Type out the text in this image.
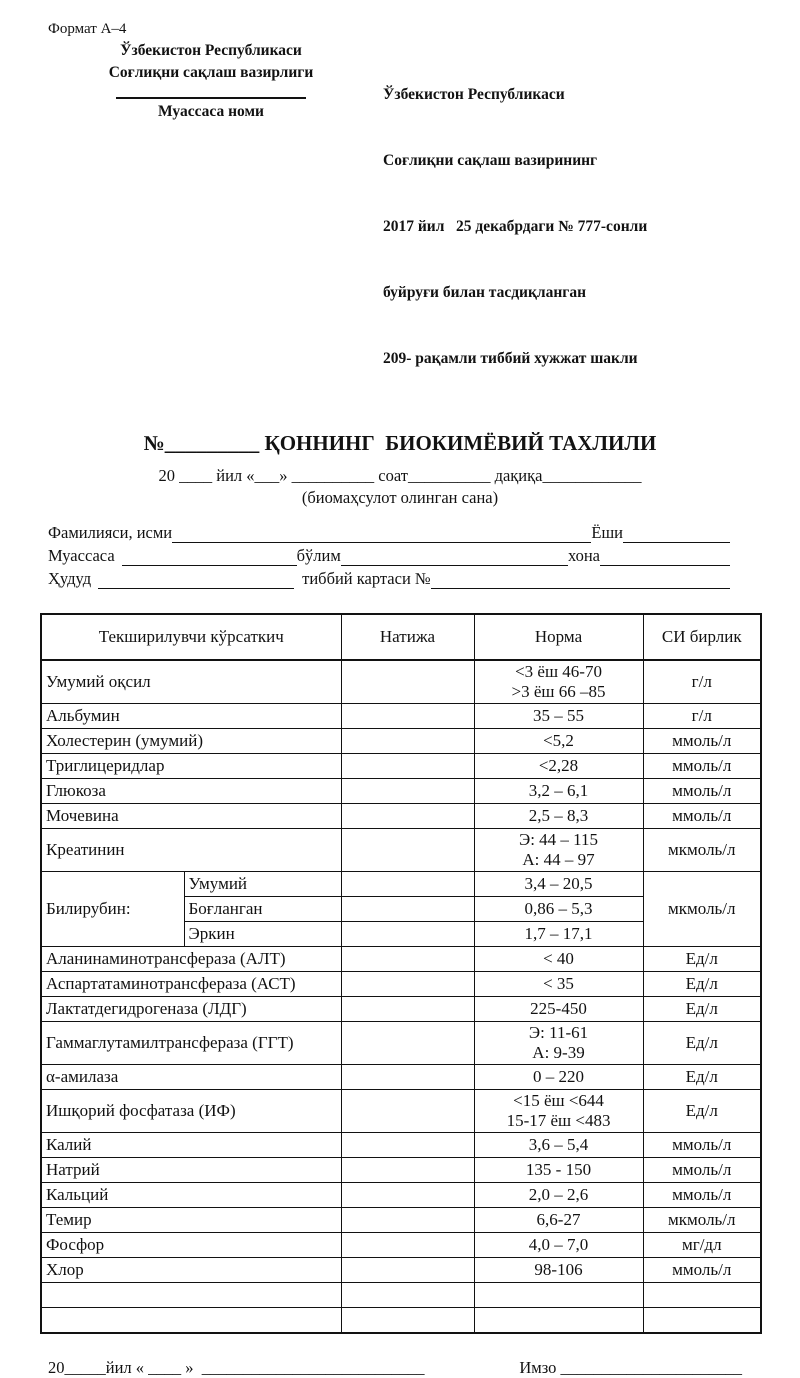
Формат А–4
Ўзбекистон Республикаси
Соғлиқни сақлаш вазирлиги
Муассаса номи

Ўзбекистон Республикаси

Соғлиқни сақлаш вазирининг

2017 йил   25 декабрдаги № 777-сонли

буйруғи билан тасдиқланган

209- рақамли тиббий хужжат шакли

№_________ ҚОННИНГ  БИОКИМЁВИЙ ТАХЛИЛИ
20 ____ йил «___» __________ соат__________ дақиқа____________
(биомаҳсулот олинган сана)
Фамилияси, исми	Ёши
Муассаса	бўлим	хона
Ҳудуд	тиббий картаси №
Текширилувчи кўрсаткич		Натижа	Норма	СИ бирлик
Умумий оқсил			<3 ёш 46-70
>3 ёш 66 –85	г/л
Альбумин			35 – 55	г/л
Холестерин (умумий)			<5,2	ммоль/л
Триглицеридлар			<2,28	ммоль/л
Глюкоза			3,2 – 6,1	ммоль/л
Мочевина			2,5 – 8,3	ммоль/л
Креатинин			Э: 44 – 115
А: 44 – 97	мкмоль/л
Билирубин:	Умумий		3,4 – 20,5	мкмоль/л
	Боғланган		0,86 – 5,3	
	Эркин		1,7 – 17,1	
Аланинаминотрансфераза (АЛТ)			< 40	Ед/л
Аспартатаминотрансфераза (АСТ)			< 35	Ед/л
Лактатдегидрогеназа (ЛДГ)			225-450	Ед/л
Гаммаглутамилтрансфераза (ГГТ)			Э: 11-61
А: 9-39	Ед/л
α-амилаза			0 – 220	Ед/л
Ишқорий фосфатаза (ИФ)			<15 ёш <644
15-17 ёш <483	Ед/л
Калий			3,6 – 5,4	ммоль/л
Натрий			135 - 150	ммоль/л
Кальций			2,0 – 2,6	ммоль/л
Темир			6,6-27	мкмоль/л
Фосфор			4,0 – 7,0	мг/дл
Хлор			98-106	ммоль/л

20_____йил « ____ »  ___________________________	Имзо ______________________
